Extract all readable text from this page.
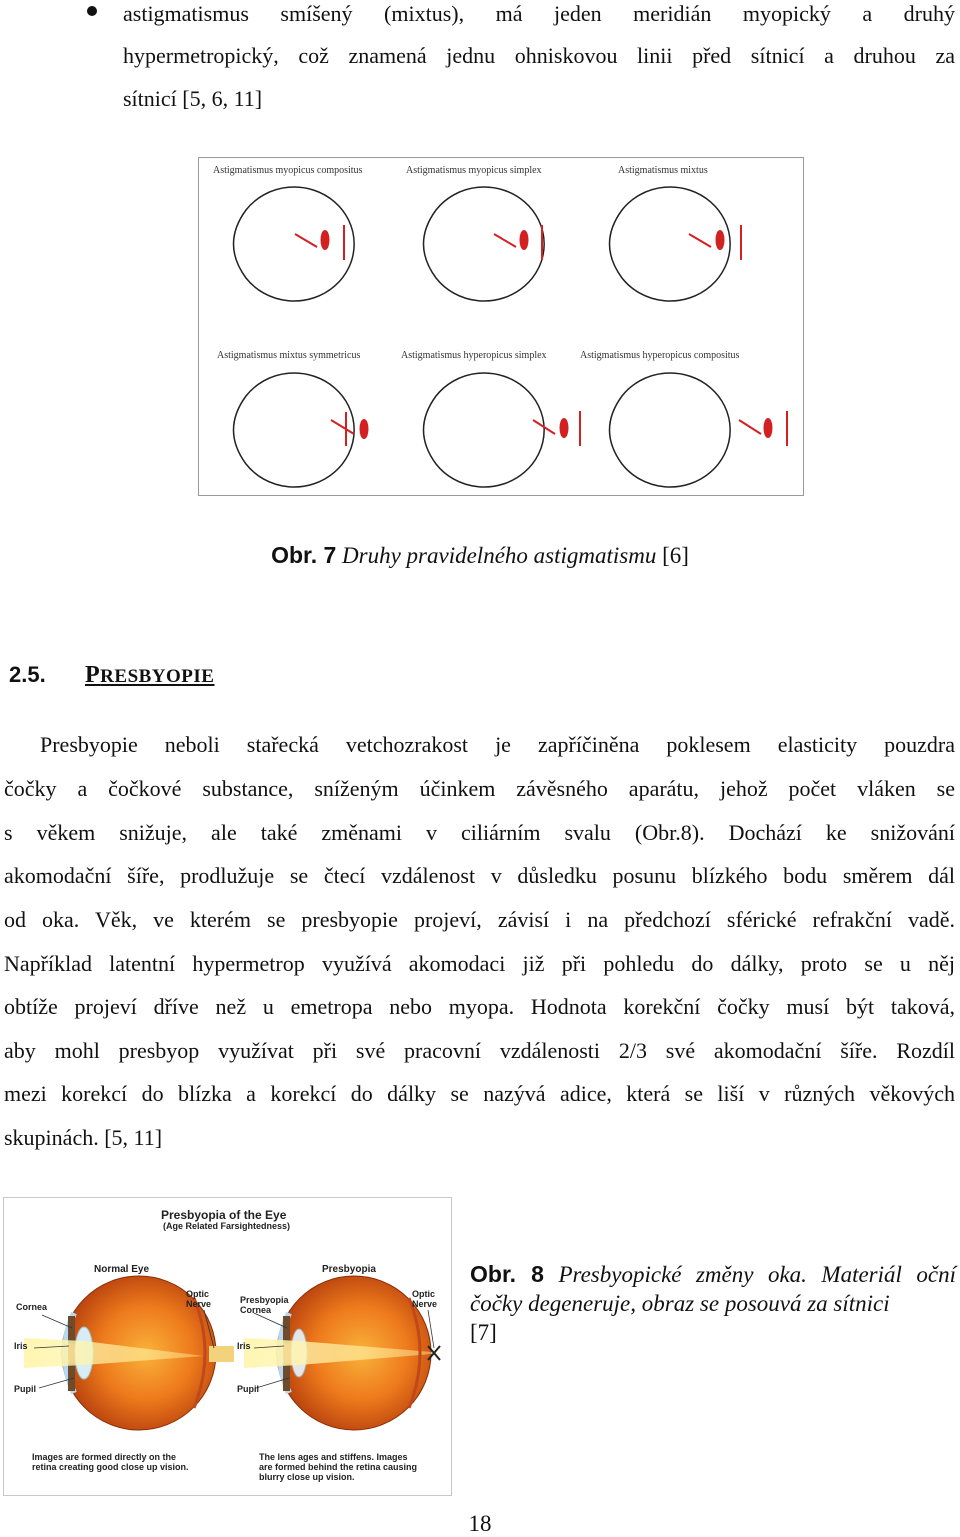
astigmatismus smíšený (mixtus), má jeden meridián myopický a druhý
hypermetropický, což znamená jednu ohniskovou linii před sítnicí a druhou za
sítnicí [5, 6, 11]
Astigmatismus myopicus compositus	Astigmatismus myopicus simplex	Astigmatismus mixtus
Astigmatismus mixtus symmetricus	Astigmatismus hyperopicus simplex	Astigmatismus hyperopicus compositus
Obr. 7 Druhy pravidelného astigmatismu [6]
2.5. PRESBYOPIE
Presbyopie neboli stařecká vetchozrakost je zapříčiněna poklesem elasticity pouzdra
čočky a čočkové substance, sníženým účinkem závěsného aparátu, jehož počet vláken se
s věkem snižuje, ale také změnami v ciliárním svalu (Obr.8). Dochází ke snižování
akomodační šíře, prodlužuje se čtecí vzdálenost v důsledku posunu blízkého bodu směrem dál
od oka. Věk, ve kterém se presbyopie projeví, závisí i na předchozí sférické refrakční vadě.
Například latentní hypermetrop využívá akomodaci již při pohledu do dálky, proto se u něj
obtíže projeví dříve než u emetropa nebo myopa. Hodnota korekční čočky musí být taková,
aby mohl presbyop využívat při své pracovní vzdálenosti 2/3 své akomodační šíře. Rozdíl
mezi korekcí do blízka a korekcí do dálky se nazývá adice, která se liší v různých věkových
skupinách. [5, 11]
Presbyopia of the Eye
(Age Related Farsightedness)
Normal Eye	Presbyopia
Cornea
Optic
Nerve	Presbyopia
Cornea
Optic
Nerve
Iris	Iris
Pupil	Pupil
Images are formed directly on the
retina creating good close up vision.
The lens ages and stiffens. Images
are formed behind the retina causing
blurry close up vision.
Obr. 8 Presbyopické změny oka. Materiál oční
čočky degeneruje, obraz se posouvá za sítnici
[7]
18
